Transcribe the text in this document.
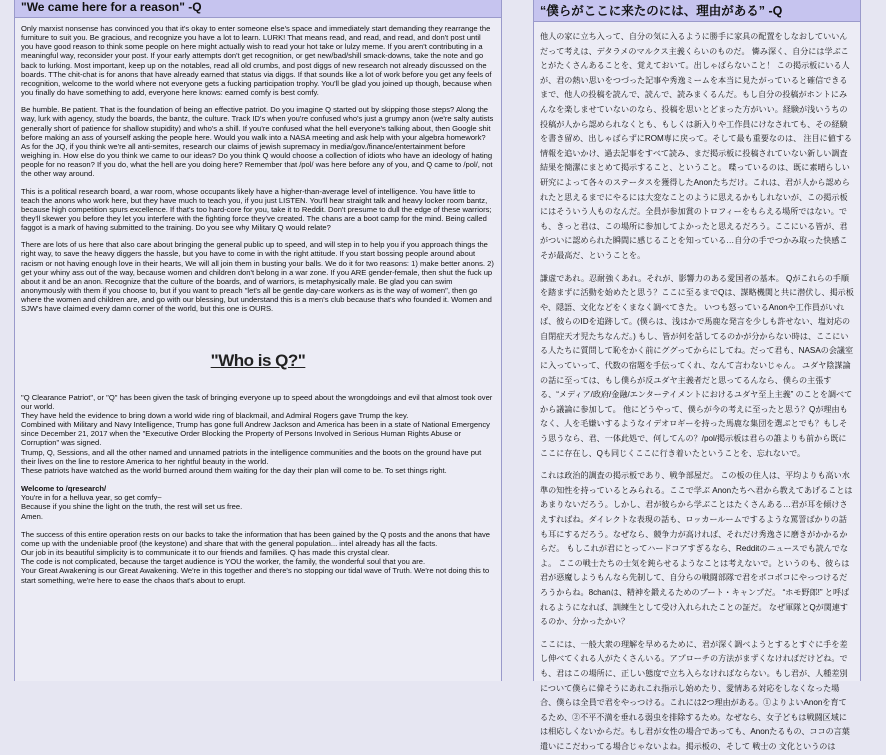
"We came here for a reason" -Q

Only marxist nonsense has convinced you that it's okay to enter someone else's space and immediately start demanding they rearrange the furniture to suit you. Be gracious, and recognize you have a lot to learn. LURK! That means read, and read, and read, and don't post until you have good reason to think some people on here might actually wish to read your hot take or lulzy meme. If you aren't contributing in a meaningful way, reconsider your post. If your early attempts don't get recognition, or get new/bad/shill smack-downs, take the note and go back to lurking. Most important, keep up on the notables, read all old crumbs, and post diggs of new research not already discussed on the boards. TThe chit-chat is for anons that have already earned that status via diggs. If that sounds like a lot of work before you get any feels of recognition, welcome to the world where not everyone gets a fucking participation trophy. You'll be glad you joined up though, because when you finally do have something to add, everyone here knows: earned comfy is best comfy.

Be humble. Be patient. That is the foundation of being an effective patriot. Do you imagine Q started out by skipping those steps? Along the way, lurk with agency, study the boards, the bantz, the culture. Track ID's when you're confused who's just a grumpy anon (we're salty autists generally short of patience for shallow stupidity) and who's a shill. If you're confused what the hell everyone's talking about, then Google shit before making an ass of yourself asking the people here. Would you walk into a NASA meeting and ask help with your algebra homework? As for the JQ, if you think we're all anti-semites, research our claims of jewish supremacy in media/gov./finance/entertainment before weighing in. How else do you think we came to our ideas? Do you think Q would choose a collection of idiots who have an ideology of hating people for no reason? If you do, what the hell are you doing here? Remember that /pol/ was here before any of you, and Q came to /pol/, not the other way around.

This is a political research board, a war room, whose occupants likely have a higher-than-average level of intelligence. You have little to teach the anons who work here, but they have much to teach you, if you just LISTEN. You'll hear straight talk and heavy locker room bantz, because high competition spurs excellence. If that's too hard-core for you, take it to Reddit. Don't presume to dull the edge of these warriors; they'll skewer you before they let you interfere with the fighting force they've created. The chans are a boot camp for the mind. Being called faggot is a mark of having submitted to the training. Do you see why Military Q would relate?

There are lots of us here that also care about bringing the general public up to speed, and will step in to help you if you approach things the right way, to save the heavy diggers the hassle, but you have to come in with the right attitude. If you start bossing people around about racism or not having enough love in their hearts, We will all join them in busting your balls. We do it for two reasons: 1) make better anons. 2) get your whiny ass out of the way, because women and children don't belong in a war zone. If you ARE gender-female, then shut the fuck up about it and be an anon. Recognize that the culture of the boards, and of warriors, is metaphysically male. Be glad you can swim anonymously with them if you choose to, but if you want to preach "let's all be gentle day-care workers as is the way of women", then go where the women and children are, and go with our blessing, but understand this is a men's club because that's who founded it. Women and SJW's have claimed every damn corner of the world, but this one is OURS.

"Who is Q?"

"Q Clearance Patriot", or "Q" has been given the task of bringing everyone up to speed about the wrongdoings and evil that almost took over our world.

They have held the evidence to bring down a world wide ring of blackmail, and Admiral Rogers gave Trump the key.

Combined with Military and Navy Intelligence, Trump has gone full Andrew Jackson and America has been in a state of National Emergency since December 21, 2017 when the "Executive Order Blocking the Property of Persons Involved in Serious Human Rights Abuse or Corruption" was signed.

Trump, Q, Sessions, and all the other named and unnamed patriots in the intelligence communities and the boots on the ground have put their lives on the line to restore America to her rightful beauty in the world.

These patriots have watched as the world burned around them waiting for the day their plan will come to be. To set things right.

Welcome to /qresearch/

You're in for a helluva year, so get comfy~

Because if you shine the light on the truth, the rest will set us free.

Amen.

The success of this entire operation rests on our backs to take the information that has been gained by the Q posts and the anons that have come up with the undeniable proof (the keystone) and share that with the general population... intel already has all the facts.

Our job in its beautiful simplicity is to communicate it to our friends and families. Q has made this crystal clear.

The code is not complicated, because the target audience is YOU the worker, the family, the wonderful soul that you are.

Your Great Awakening is our Great Awakening. We're in this together and there's no stopping our tidal wave of Truth. We're not doing this to start something, we're here to ease the chaos that's about to erupt.

“僕らがここに来たのには、理由がある” -Q

他人の家に立ち入って、自分の気に入るように勝手に家具の配置をしなおしていいんだって考えは、デタラメのマルクス主義くらいのものだ。 憐み深く、自分には学ぶことがたくさんあることを、覚えておいて。出しゃばらないこと！ この掲示板にいる人が、君の熱い思いをつづった記事や秀逸ミームを本当に見たがっていると確信できるまで、他人の投稿を読んで、読んで、読みまくるんだ。もし自分の投稿がホントにみんなを楽しませていないのなら、投稿を思いとどまった方がいい。経験が浅いうちの投稿が人から認められなくとも、もしくは新入りや工作員にけなされても、その経験を書き留め、出しゃばらずにROM専に戻って。そして最も重要なのは、 注目に値する情報を追いかけ、過去記事をすべて読み、まだ掲示板に投稿されていない新しい調査結果を簡潔にまとめて掲示すること、ということ。 喋っているのは、既に素晴らしい研究によって各々のステータスを獲得したAnonたちだけ。これは、君が人から認められたと思えるまでにやるには大変なことのように思えるかもしれないが、この掲示板にはそういう人ものなんだ。全員が参加賞のトロフィーをもらえる場所ではない。でも、きっと君は、この場所に参加してよかったと思えるだろう。ここにいる皆が、君がついに認められた瞬間に感じることを知っている…自分の手でつかみ取った快感こそが最高だ、ということを。

謙虚であれ。忍耐強くあれ。それが、影響力のある愛国者の基本。 Qがこれらの手順を踏まずに活動を始めたと思う？ここに至るまでQは、謀略機関と共に潜伏し、掲示板や、隠語、文化などをくまなく調べてきた。 いつも怒っているAnonや工作員がいれば、彼らのIDを追跡して。(僕らは、浅はかで馬鹿な発言を少しも許せない、塩対応の自閉症天才児たちなんだ。) もし、皆が何を話してるのかが分からない時は、ここにいる人たちに質問して恥をかく前にググってからにしてね。だって君も、NASAの会議室に入っていって、代数の宿題を手伝ってくれ、なんて言わないじゃん。 ユダヤ陰謀論の話に至っては、もし僕らが反ユダヤ主義者だと思ってるんなら、僕らの主張する、“メディア/政府/金融/エンターテイメントにおけるユダヤ至上主義” のことを調べてから議論に参加して。 他にどうやって、僕らが今の考えに至ったと思う？Qが理由もなく、人を毛嫌いするようなイデオロギーを持った馬鹿な集団を選ぶとでも？もしそう思うなら、君、一体此処で、何してんの？/pol/掲示板は君らの誰よりも前から既にここに存在し、Qも同じくここに行き着いたということを、忘れないで。

これは政治的調査の掲示板であり、戦争部屋だ。 この板の住人は、平均よりも高い水準の知性を持っているとみられる。ここで学ぶ Anonたちへ君から教えてあげることはあまりないだろう。しかし、君が彼らから学ぶことはたくさんある…君が耳を傾けさえすればね。ダイレクトな表現の話も、ロッカールームでするような罵詈ばかりの話も耳にするだろう。なぜなら、競争力が高ければ、それだけ秀逸さに磨きがかかるからだ。 もしこれが君にとってハードコアすぎるなら、Redditのニュースでも読んでなよ。 ここの戦士たちの士気を鈍らせるようなことは考えないで。というのも、彼らは君が惡魔しようもんなら先制して、自分らの戦闘部隊で君をボコボコにやっつけるだろうからね。8chanは、精神を鍛えるためのブート・キャンプだ。 “ホモ野郎!” と呼ばれるようになれば、訓練生として受け入れられたことの証だ。 なぜ軍隊とQが関連するのか、分かったかい？

ここには、一般大衆の理解を早めるために、君が深く調べようとするとすぐに手を差し伸べてくれる人がたくさんいる。アプローチの方法がまずくなければだけどね。でも、君はこの場所に、正しい態度で立ち入らなければならない。もし君が、人種差別について僕らに偉そうにあれこれ指示し始めたり、愛情ある対応をしなくなった場合、僕らは全員で君をやっつける。これには2つ理由がある。①よりよいAnonを育てるため、②不平不満を垂れる弱虫を排除するため。なぜなら、女子どもは戦闘区域には相応しくないからだ。もし君が女性の場合であっても、Anonたるもの、ココの言葉遣いにこだわってる場合じゃないよね。掲示板の、そして 戦士の 文化というのは
